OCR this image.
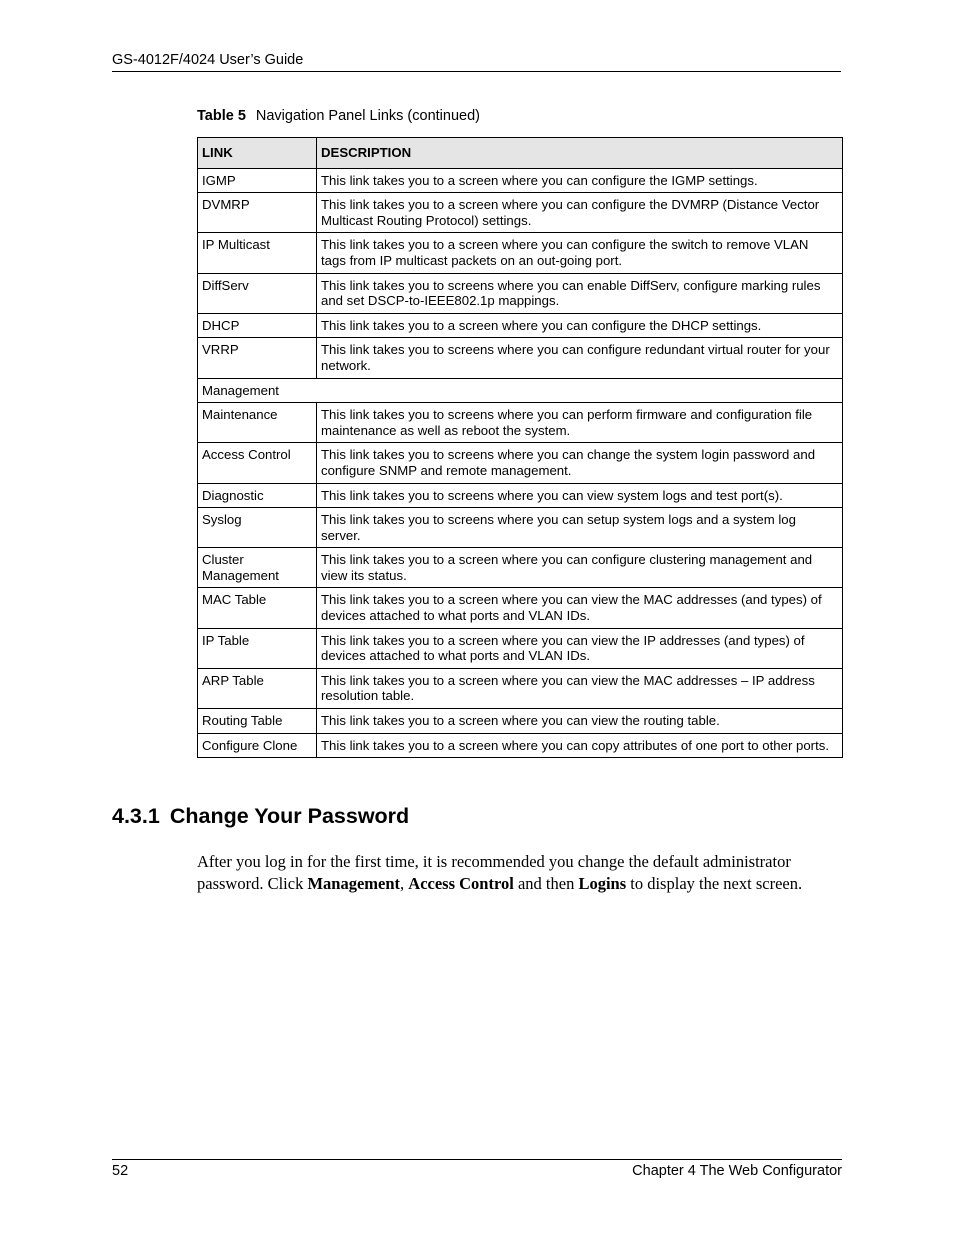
GS-4012F/4024 User’s Guide
Table 5 Navigation Panel Links (continued)
LINK	DESCRIPTION
IGMP	This link takes you to a screen where you can configure the IGMP settings.
DVMRP	This link takes you to a screen where you can configure the DVMRP (Distance Vector Multicast Routing Protocol) settings.
IP Multicast	This link takes you to a screen where you can configure the switch to remove VLAN tags from IP multicast packets on an out-going port.
DiffServ	This link takes you to screens where you can enable DiffServ, configure marking rules and set DSCP-to-IEEE802.1p mappings.
DHCP	This link takes you to a screen where you can configure the DHCP settings.
VRRP	This link takes you to screens where you can configure redundant virtual router for your network.
Management	
Maintenance	This link takes you to screens where you can perform firmware and configuration file maintenance as well as reboot the system.
Access Control	This link takes you to screens where you can change the system login password and configure SNMP and remote management.
Diagnostic	This link takes you to screens where you can view system logs and test port(s).
Syslog	This link takes you to screens where you can setup system logs and a system log server.
Cluster Management	This link takes you to a screen where you can configure clustering management and view its status.
MAC Table	This link takes you to a screen where you can view the MAC addresses (and types) of devices attached to what ports and VLAN IDs.
IP Table	This link takes you to a screen where you can view the IP addresses (and types) of devices attached to what ports and VLAN IDs.
ARP Table	This link takes you to a screen where you can view the MAC addresses – IP address resolution table.
Routing Table	This link takes you to a screen where you can view the routing table.
Configure Clone	This link takes you to a screen where you can copy attributes of one port to other ports.
4.3.1 Change Your Password
After you log in for the first time, it is recommended you change the default administrator password. Click Management, Access Control and then Logins to display the next screen.
52	Chapter 4 The Web Configurator
